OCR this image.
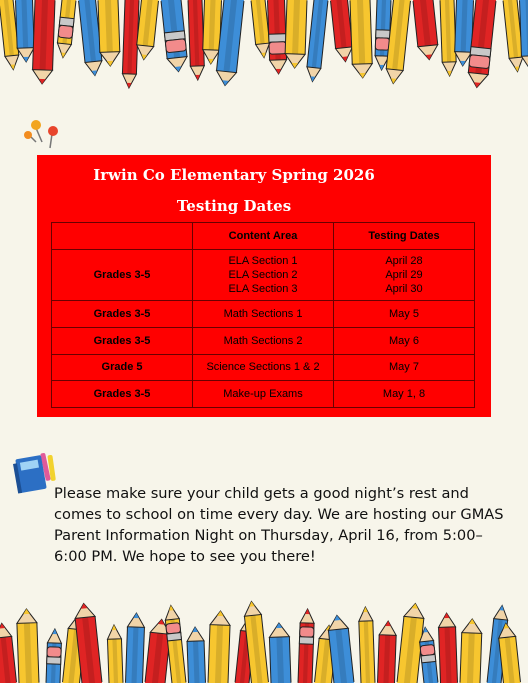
Irwin Co Elementary Spring 2026
Testing Dates
	Content Area	Testing Dates
Grades 3-5	ELA Section 1
ELA Section 2
ELA Section 3	April 28
April 29
April 30

Grades 3-5	Math Sections 1	May 5
Grades 3-5	Math Sections 2	May 6
Grade 5	Science Sections 1 & 2	May 7
Grades 3-5	Make-up Exams	May 1, 8
Please make sure your child gets a good night’s rest and comes to school on time every day. We are hosting our GMAS Parent Information Night on Thursday, April 16, from 5:00–6:00 PM. We hope to see you there!
